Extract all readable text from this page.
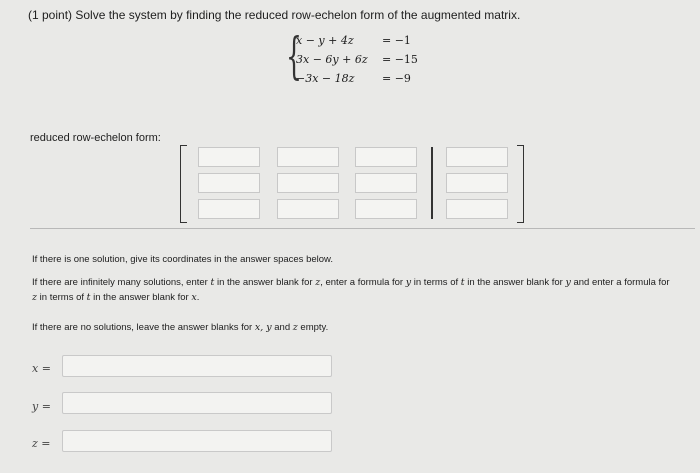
(1 point) Solve the system by finding the reduced row-echelon form of the augmented matrix.
{
x − y + 4z	= −1
3x − 6y + 6z = −15
−3x − 18z	= −9
reduced row-echelon form:
If there is one solution, give its coordinates in the answer spaces below.
If there are infinitely many solutions, enter t in the answer blank for z, enter a formula for y in terms of t in the answer blank for y and enter a formula for z in terms of t in the answer blank for x.
If there are no solutions, leave the answer blanks for x, y and z empty.
x =
y =
z =
